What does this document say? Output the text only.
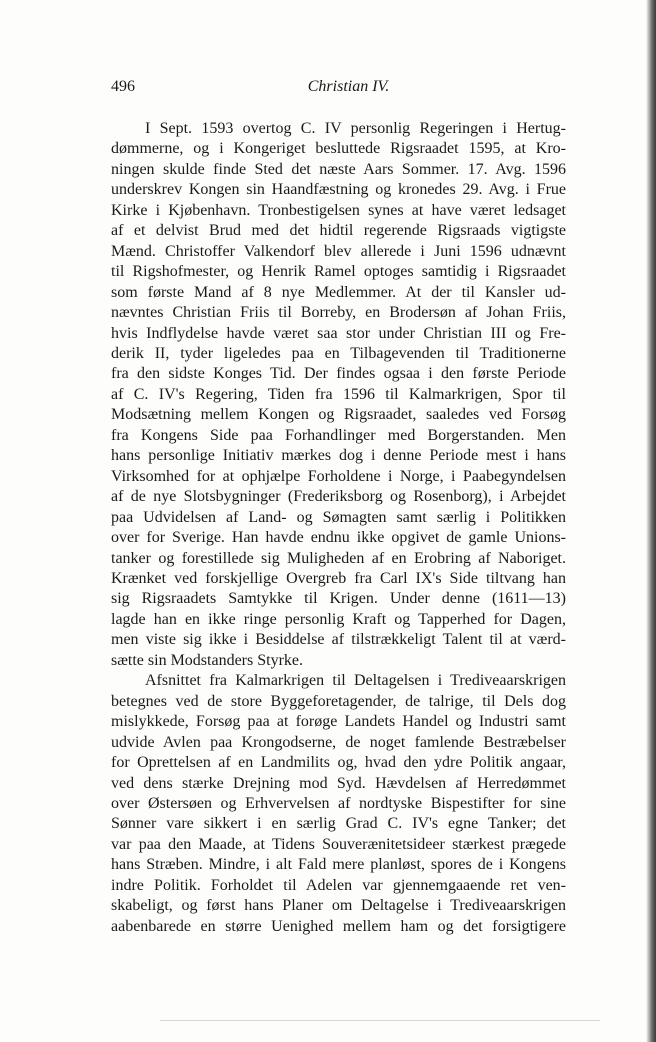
496	Christian IV.
I Sept. 1593 overtog C. IV personlig Regeringen i Hertug-
dømmerne, og i Kongeriget besluttede Rigsraadet 1595, at Kro-
ningen skulde finde Sted det næste Aars Sommer. 17. Avg. 1596
underskrev Kongen sin Haandfæstning og kronedes 29. Avg. i Frue
Kirke i Kjøbenhavn. Tronbestigelsen synes at have været ledsaget
af et delvist Brud med det hidtil regerende Rigsraads vigtigste
Mænd. Christoffer Valkendorf blev allerede i Juni 1596 udnævnt
til Rigshofmester, og Henrik Ramel optoges samtidig i Rigsraadet
som første Mand af 8 nye Medlemmer. At der til Kansler ud-
nævntes Christian Friis til Borreby, en Brodersøn af Johan Friis,
hvis Indflydelse havde været saa stor under Christian III og Fre-
derik II, tyder ligeledes paa en Tilbagevenden til Traditionerne
fra den sidste Konges Tid. Der findes ogsaa i den første Periode
af C. IV's Regering, Tiden fra 1596 til Kalmarkrigen, Spor til
Modsætning mellem Kongen og Rigsraadet, saaledes ved Forsøg
fra Kongens Side paa Forhandlinger med Borgerstanden. Men
hans personlige Initiativ mærkes dog i denne Periode mest i hans
Virksomhed for at ophjælpe Forholdene i Norge, i Paabegyndelsen
af de nye Slotsbygninger (Frederiksborg og Rosenborg), i Arbejdet
paa Udvidelsen af Land- og Sømagten samt særlig i Politikken
over for Sverige. Han havde endnu ikke opgivet de gamle Unions-
tanker og forestillede sig Muligheden af en Erobring af Naboriget.
Krænket ved forskjellige Overgreb fra Carl IX's Side tiltvang han
sig Rigsraadets Samtykke til Krigen. Under denne (1611—13)
lagde han en ikke ringe personlig Kraft og Tapperhed for Dagen,
men viste sig ikke i Besiddelse af tilstrækkeligt Talent til at værd-
sætte sin Modstanders Styrke.
Afsnittet fra Kalmarkrigen til Deltagelsen i Trediveaarskrigen
betegnes ved de store Byggeforetagender, de talrige, til Dels dog
mislykkede, Forsøg paa at forøge Landets Handel og Industri samt
udvide Avlen paa Krongodserne, de noget famlende Bestræbelser
for Oprettelsen af en Landmilits og, hvad den ydre Politik angaar,
ved dens stærke Drejning mod Syd. Hævdelsen af Herredømmet
over Østersøen og Erhvervelsen af nordtyske Bispestifter for sine
Sønner vare sikkert i en særlig Grad C. IV's egne Tanker; det
var paa den Maade, at Tidens Souverænitetsideer stærkest prægede
hans Stræben. Mindre, i alt Fald mere planløst, spores de i Kongens
indre Politik. Forholdet til Adelen var gjennemgaaende ret ven-
skabeligt, og først hans Planer om Deltagelse i Trediveaarskrigen
aabenbarede en større Uenighed mellem ham og det forsigtigere
